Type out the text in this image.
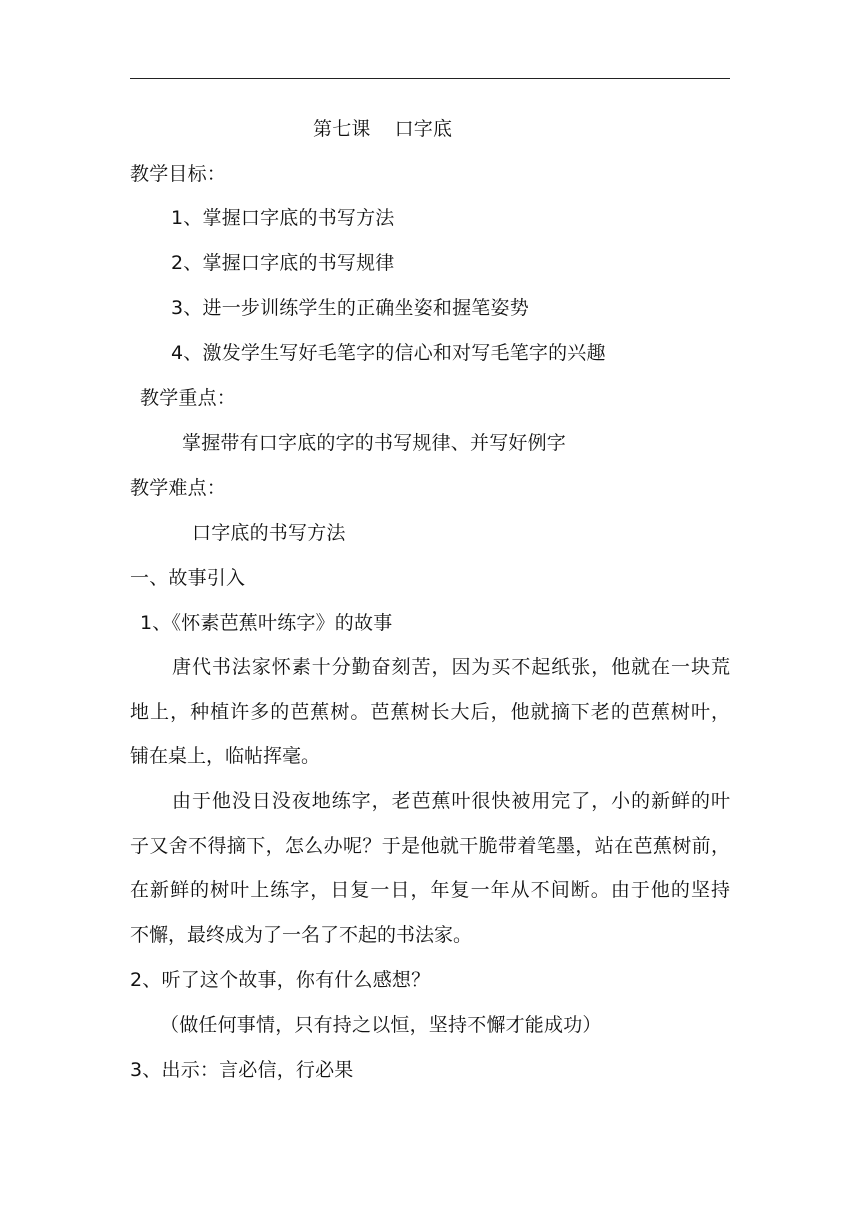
第七课 口字底
教学目标：
1、掌握口字底的书写方法
2、掌握口字底的书写规律
3、进一步训练学生的正确坐姿和握笔姿势
4、激发学生写好毛笔字的信心和对写毛笔字的兴趣
教学重点：
掌握带有口字底的字的书写规律、并写好例字
教学难点：
口字底的书写方法
一、故事引入
1、《怀素芭蕉叶练字》的故事
唐代书法家怀素十分勤奋刻苦，因为买不起纸张，他就在一块荒
地上，种植许多的芭蕉树。芭蕉树长大后，他就摘下老的芭蕉树叶，
铺在桌上，临帖挥毫。
由于他没日没夜地练字，老芭蕉叶很快被用完了，小的新鲜的叶
子又舍不得摘下，怎么办呢？于是他就干脆带着笔墨，站在芭蕉树前，
在新鲜的树叶上练字，日复一日，年复一年从不间断。由于他的坚持
不懈，最终成为了一名了不起的书法家。
2、听了这个故事，你有什么感想？
（做任何事情，只有持之以恒，坚持不懈才能成功）
3、出示：言必信，行必果
